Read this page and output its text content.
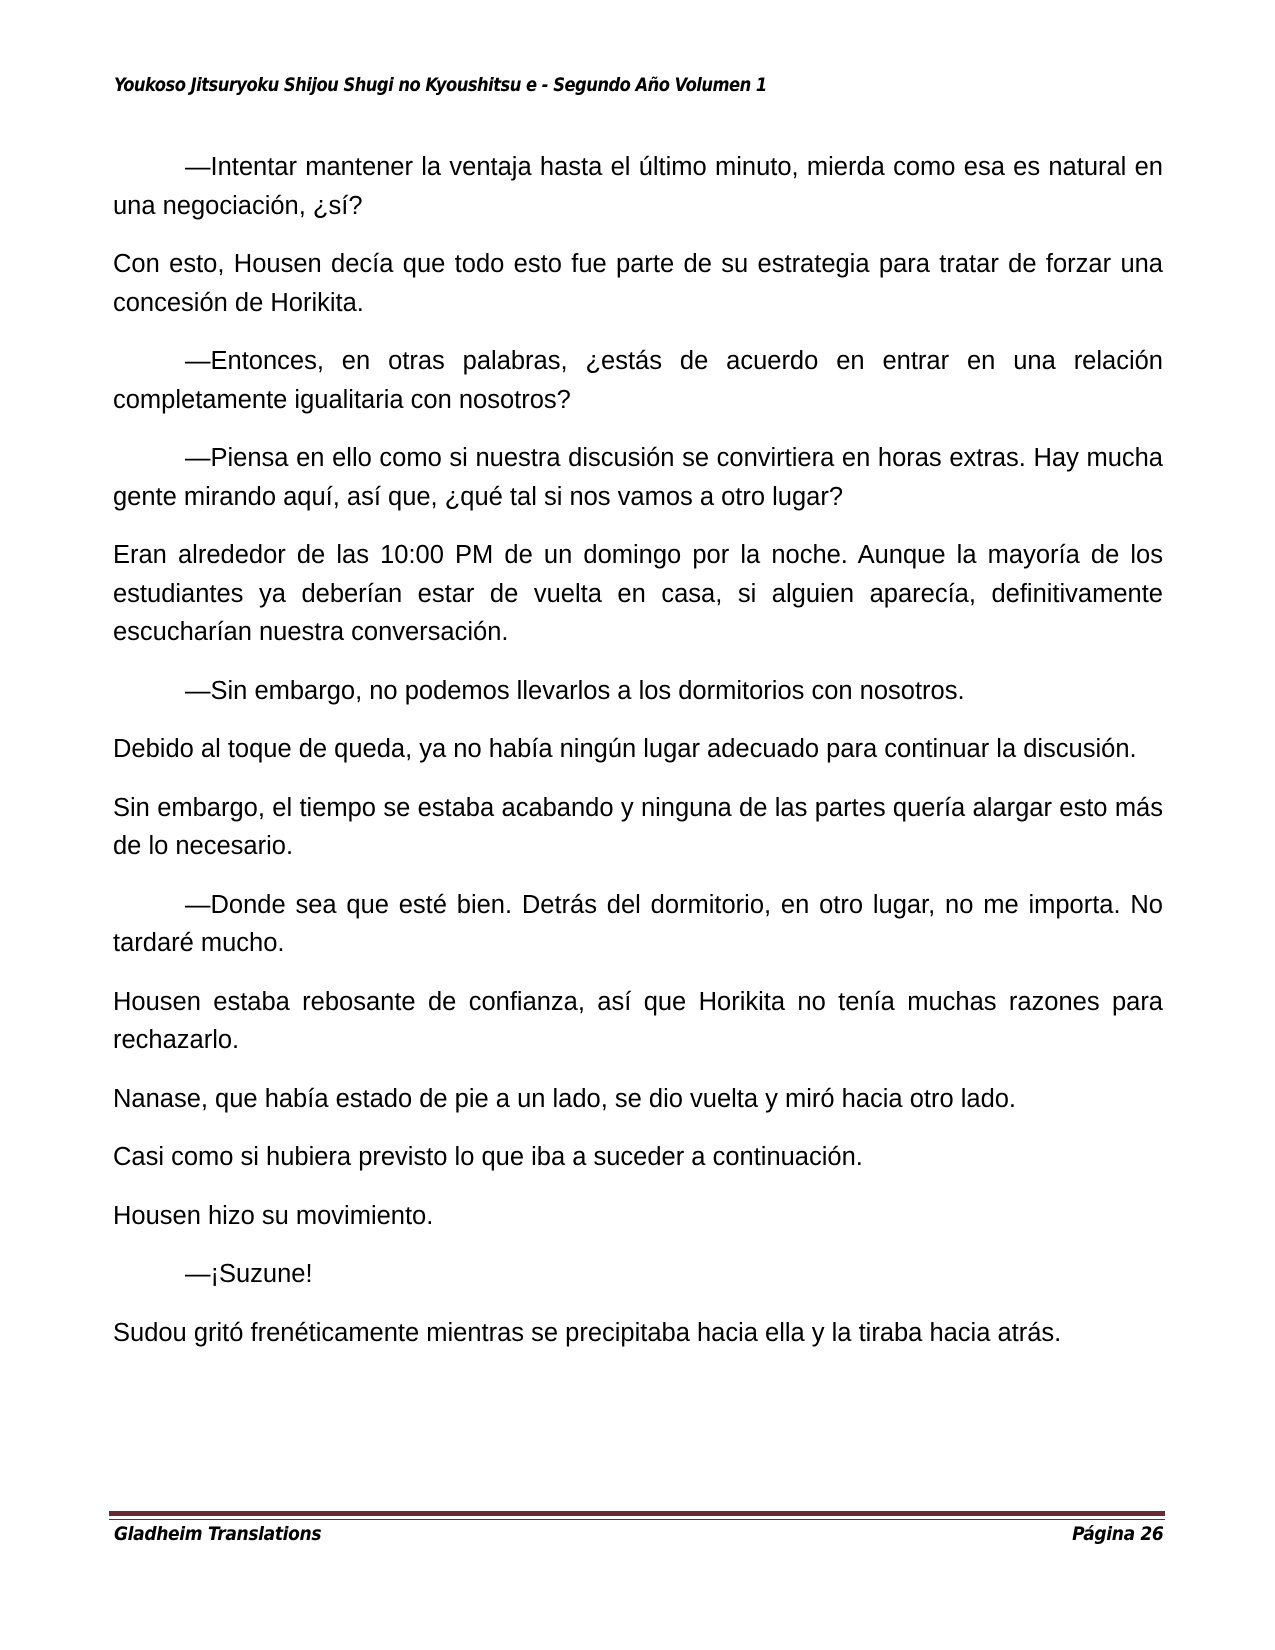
Youkoso Jitsuryoku Shijou Shugi no Kyoushitsu e - Segundo Año Volumen 1

—Intentar mantener la ventaja hasta el último minuto, mierda como esa es natural en una negociación, ¿sí?

Con esto, Housen decía que todo esto fue parte de su estrategia para tratar de forzar una concesión de Horikita.

—Entonces, en otras palabras, ¿estás de acuerdo en entrar en una relación completamente igualitaria con nosotros?

—Piensa en ello como si nuestra discusión se convirtiera en horas extras. Hay mucha gente mirando aquí, así que, ¿qué tal si nos vamos a otro lugar?

Eran alrededor de las 10:00 PM de un domingo por la noche. Aunque la mayoría de los estudiantes ya deberían estar de vuelta en casa, si alguien aparecía, definitivamente escucharían nuestra conversación.

—Sin embargo, no podemos llevarlos a los dormitorios con nosotros.

Debido al toque de queda, ya no había ningún lugar adecuado para continuar la discusión.

Sin embargo, el tiempo se estaba acabando y ninguna de las partes quería alargar esto más de lo necesario.

—Donde sea que esté bien. Detrás del dormitorio, en otro lugar, no me importa. No tardaré mucho.

Housen estaba rebosante de confianza, así que Horikita no tenía muchas razones para rechazarlo.

Nanase, que había estado de pie a un lado, se dio vuelta y miró hacia otro lado.

Casi como si hubiera previsto lo que iba a suceder a continuación.

Housen hizo su movimiento.

—¡Suzune!

Sudou gritó frenéticamente mientras se precipitaba hacia ella y la tiraba hacia atrás.

Gladheim Translations	Página 26
